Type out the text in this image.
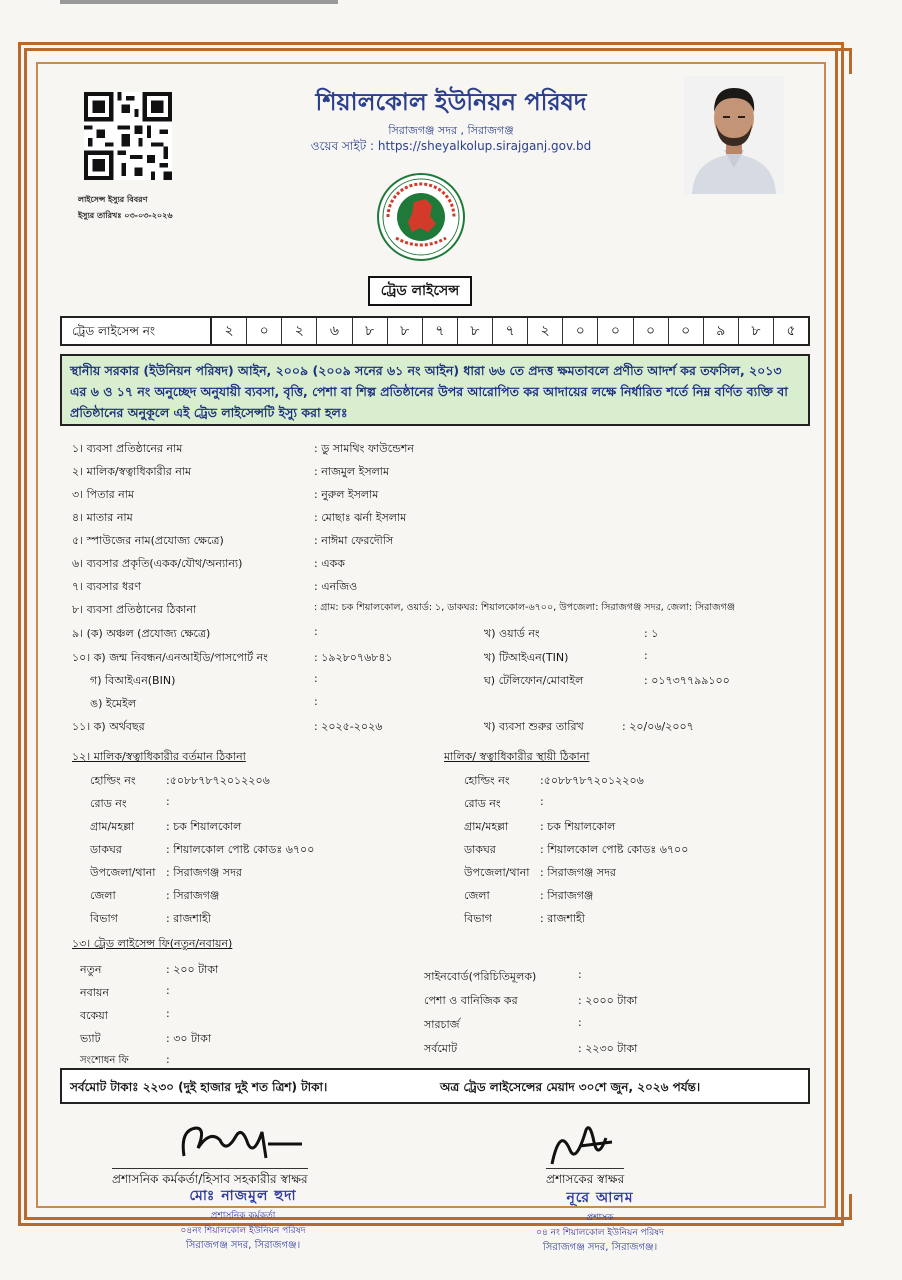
লাইসেন্স ইস্যুর বিবরণ
ইস্যুর তারিখঃ ০৩-০৩-২০২৬
শিয়ালকোল ইউনিয়ন পরিষদ
সিরাজগঞ্জ সদর , সিরাজগঞ্জ
ওয়েব সাইট : https://sheyalkolup.sirajganj.gov.bd
ট্রেড লাইসেন্স
ট্রেড লাইসেন্স নং	২	০	২	৬	৮	৮	৭	৮	৭	২	০	০	০	০	৯	৮	৫
স্থানীয় সরকার (ইউনিয়ন পরিষদ) আইন, ২০০৯ (২০০৯ সনের ৬১ নং আইন) ধারা ৬৬ তে প্রদত্ত ক্ষমতাবলে প্রণীত আদর্শ কর তফসিল, ২০১৩ এর ৬ ও ১৭ নং অনুচ্ছেদ অনুযায়ী ব্যবসা, বৃত্তি, পেশা বা শিল্প প্রতিষ্ঠানের উপর আরোপিত কর আদায়ের লক্ষে নির্ধারিত শর্তে নিম্ন বর্ণিত ব্যক্তি বা প্রতিষ্ঠানের অনুকূলে এই ট্রেড লাইসেন্সটি ইস্যু করা হলঃ
১। ব্যবসা প্রতিষ্ঠানের নাম	: ডু সামথিং ফাউন্ডেশন
২। মালিক/স্বত্বাধিকারীর নাম	: নাজমুল ইসলাম
৩। পিতার নাম	: নুরুল ইসলাম
৪। মাতার নাম	: মোছাঃ ঝর্না ইসলাম
৫। স্পাউজের নাম(প্রযোজ্য ক্ষেত্রে)	: নাঈমা ফেরদৌসি
৬। ব্যবসার প্রকৃতি(একক/যৌথ/অন্যান্য)	: একক
৭। ব্যবসার ধরণ	: এনজিও
৮। ব্যবসা প্রতিষ্ঠানের ঠিকানা	: গ্রাম: চক শিয়ালকোল, ওয়ার্ড: ১, ডাকঘর: শিয়ালকোল-৬৭০০, উপজেলা: সিরাজগঞ্জ সদর, জেলা: সিরাজগঞ্জ
৯। (ক) অঞ্চল (প্রযোজ্য ক্ষেত্রে)	:	খ) ওয়ার্ড নং	: ১
১০। ক) জন্ম নিবন্ধন/এনআইডি/পাসপোর্ট নং	: ১৯২৮০৭৬৮৪১	খ) টিআইএন(TIN)	:
গ) বিআইএন(BIN)	:	ঘ) টেলিফোন/মোবাইল	: ০১৭৩৭৭৯৯১০০
ঙ) ইমেইল	:
১১। ক) অর্থবছর	: ২০২৫-২০২৬	খ) ব্যবসা শুরুর তারিখ	: ২০/০৬/২০০৭
১২। মালিক/স্বত্বাধিকারীর বর্তমান ঠিকানা	মালিক/ স্বত্বাধিকারীর স্থায়ী ঠিকানা
হোল্ডিং নং	:৫০৮৮৭৮৭২০১২২০৬
রোড নং	:
গ্রাম/মহল্লা	: চক শিয়ালকোল
ডাকঘর	: শিয়ালকোল পোষ্ট কোডঃ ৬৭০০
উপজেলা/থানা : সিরাজগঞ্জ সদর
জেলা	: সিরাজগঞ্জ
বিভাগ	: রাজশাহী
হোল্ডিং নং	:৫০৮৮৭৮৭২০১২২০৬
রোড নং	:
গ্রাম/মহল্লা	: চক শিয়ালকোল
ডাকঘর	: শিয়ালকোল পোষ্ট কোডঃ ৬৭০০
উপজেলা/থানা : সিরাজগঞ্জ সদর
জেলা	: সিরাজগঞ্জ
বিভাগ	: রাজশাহী
১৩। ট্রেড লাইসেন্স ফি(নতুন/নবায়ন)
নতুন	: ২০০ টাকা
নবায়ন	:
বকেয়া	:
ভ্যাট	: ৩০ টাকা
সংশোধন ফি	:
সাইনবোর্ড(পরিচিতিমূলক)	:
পেশা ও বানিজিক কর	: ২০০০ টাকা
সারচার্জ	:
সর্বমোট	: ২২৩০ টাকা
সর্বমোট টাকাঃ ২২৩০ (দুই হাজার দুই শত ত্রিশ) টাকা।	অত্র ট্রেড লাইসেন্সের মেয়াদ ৩০শে জুন, ২০২৬ পর্যন্ত।
প্রশাসনিক কর্মকর্তা/হিসাব সহকারীর স্বাক্ষর	প্রশাসকের স্বাক্ষর
মোঃ নাজমুল হুদা
প্রশাসনিক কর্মকর্তা
০৪নং শিয়ালকোল ইউনিয়ন পরিষদ
সিরাজগঞ্জ সদর, সিরাজগঞ্জ।
নূরে আলম
প্রশাসক
০৪ নং শিয়ালকোল ইউনিয়ন পরিষদ
সিরাজগঞ্জ সদর, সিরাজগঞ্জ।
